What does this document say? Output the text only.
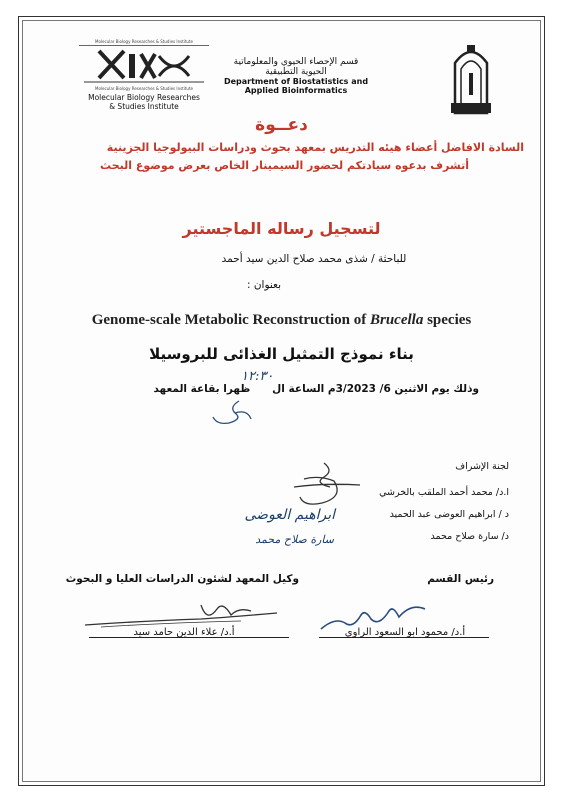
Molecular Biology Researches & Studies Institute
Molecular Biology Researches & Studies Institute
Molecular Biology Researches
& Studies Institute
قسم الإحصاء الحيوي والمعلوماتية
الحيوية التطبيقية
Department of Biostatistics and
Applied Bioinformatics
دعــوة
السادة الافاضل أعضاء هيئه التدريس بمعهد بحوث ودراسات البيولوجيا الجزينية
أتشرف بدعوه سيادتكم لحضور السيمينار الخاص بعرض موضوع البحث
لتسجيل رساله الماجستير
للباحثة / شذى محمد صلاح الدين سيد أحمد
بعنوان :
Genome-scale Metabolic Reconstruction of Brucella species
بناء نموذج التمثيل الغذائى للبروسيلا
وذلك يوم الاثنين 6/ 3/2023م الساعة ال      ظهرا بقاعة المعهد
١٢:٣٠
لجنة الإشراف
ا.د/ محمد أحمد الملقب بالخرشي
د / ابراهيم العوضى عبد الحميد
د/ سارة صلاح محمد
ابراهيم العوضى
سارة صلاح محمد
وكيل المعهد لشئون الدراسات العليا و البحوث	رئيس القسم
أ.د/ علاء الدين حامد سيد	أ.د/ محمود ابو السعود الراوي
